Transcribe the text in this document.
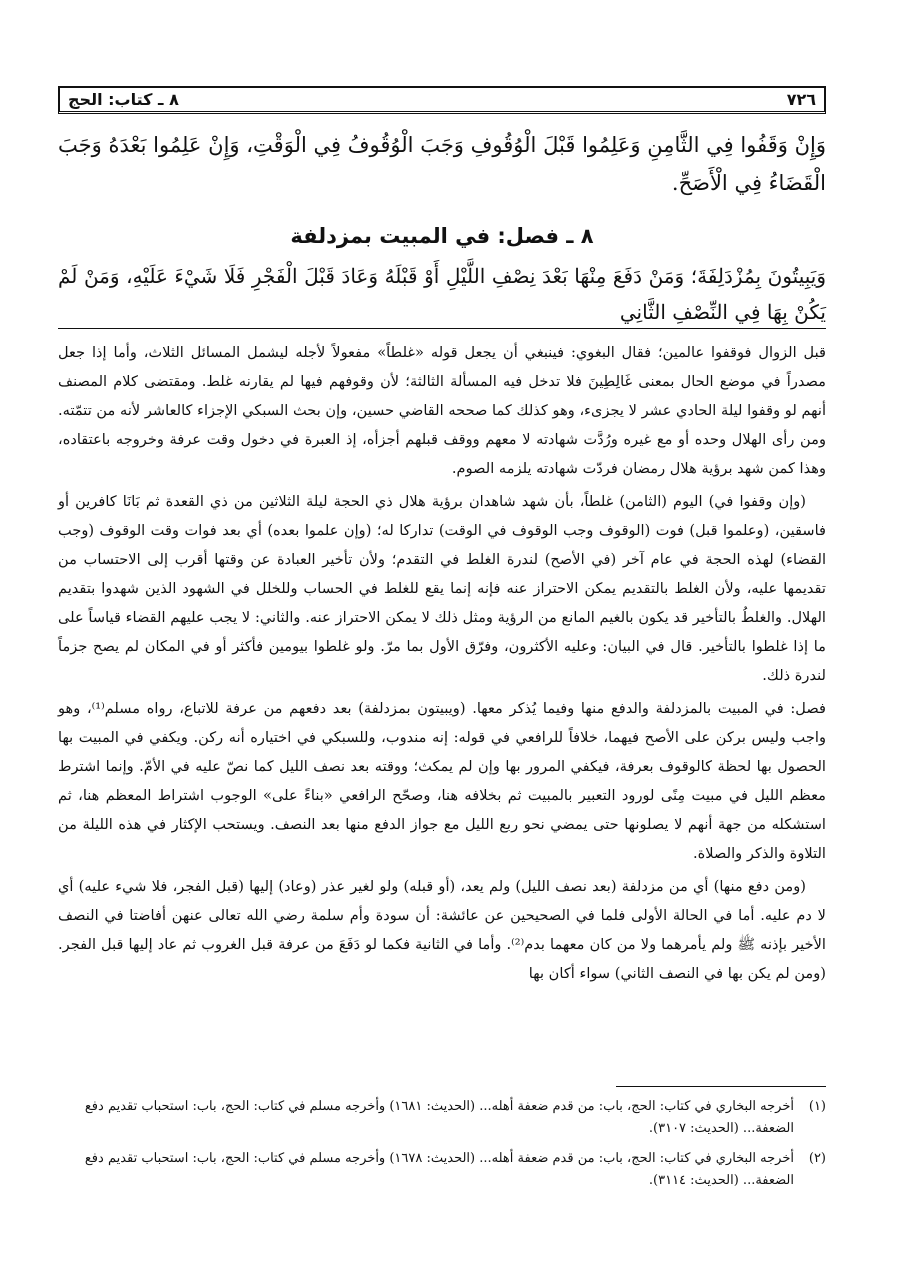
٧٢٦
٨ ـ كتاب: الحج
وَإِنْ وَقَفُوا فِي الثَّامِنِ وَعَلِمُوا قَبْلَ الْوُقُوفِ وَجَبَ الْوُقُوفُ فِي الْوَقْتِ، وَإِنْ عَلِمُوا بَعْدَهُ وَجَبَ الْقَضَاءُ فِي الْأَصَحِّ.
٨ ـ فصل: في المبيت بمزدلفة
وَيَبِيتُونَ بِمُزْدَلِفَةَ؛ وَمَنْ دَفَعَ مِنْهَا بَعْدَ نِصْفِ اللَّيْلِ أَوْ قَبْلَهُ وَعَادَ قَبْلَ الْفَجْرِ فَلَا شَيْءَ عَلَيْهِ، وَمَنْ لَمْ يَكُنْ بِهَا فِي النِّصْفِ الثَّانِي

قبل الزوال فوقفوا عالمين؛ فقال البغوي: فينبغي أن يجعل قوله «غلطاً» مفعولاً لأجله ليشمل المسائل الثلاث، وأما إذا جعل مصدراً في موضع الحال بمعنى غَالِطِينَ فلا تدخل فيه المسألة الثالثة؛ لأن وقوفهم فيها لم يقارنه غلط. ومقتضى كلام المصنف أنهم لو وقفوا ليلة الحادي عشر لا يجزىء، وهو كذلك كما صححه القاضي حسين، وإن بحث السبكي الإجزاء كالعاشر لأنه من تتمّته. ومن رأى الهلال وحده أو مع غيره ورُدَّت شهادته لا معهم ووقف قبلهم أجزأه، إذ العبرة في دخول وقت عرفة وخروجه باعتقاده، وهذا كمن شهد برؤية هلال رمضان فردّت شهادته يلزمه الصوم.

(وإن وقفوا في) اليوم (الثامن) غلطاً، بأن شهد شاهدان برؤية هلال ذي الحجة ليلة الثلاثين من ذي القعدة ثم بَانَا كافرين أو فاسقين، (وعلموا قبل) فوت (الوقوف وجب الوقوف في الوقت) تداركا له؛ (وإن علموا بعده) أي بعد فوات وقت الوقوف (وجب القضاء) لهذه الحجة في عام آخر (في الأصح) لندرة الغلط في التقدم؛ ولأن تأخير العبادة عن وقتها أقرب إلى الاحتساب من تقديمها عليه، ولأن الغلط بالتقديم يمكن الاحتراز عنه فإنه إنما يقع للغلط في الحساب وللخلل في الشهود الذين شهدوا بتقديم الهلال. والغلطُ بالتأخير قد يكون بالغيم المانع من الرؤية ومثل ذلك لا يمكن الاحتراز عنه. والثاني: لا يجب عليهم القضاء قياساً على ما إذا غلطوا بالتأخير. قال في البيان: وعليه الأكثرون، وفرّق الأول بما مرّ. ولو غلطوا بيومين فأكثر أو في المكان لم يصح جزماً لندرة ذلك.

فصل: في المبيت بالمزدلفة والدفع منها وفيما يُذكر معها. (ويبيتون بمزدلفة) بعد دفعهم من عرفة للاتباع، رواه مسلم⁽¹⁾، وهو واجب وليس بركن على الأصح فيهما، خلافاً للرافعي في قوله: إنه مندوب، وللسبكي في اختياره أنه ركن. ويكفي في المبيت بها الحصول بها لحظة كالوقوف بعرفة، فيكفي المرور بها وإن لم يمكث؛ ووقته بعد نصف الليل كما نصّ عليه في الأمّ. وإنما اشترط معظم الليل في مبيت مِنًى لورود التعبير بالمبيت ثم بخلافه هنا، وصحّح الرافعي «بناءً على» الوجوب اشتراط المعظم هنا، ثم استشكله من جهة أنهم لا يصلونها حتى يمضي نحو ربع الليل مع جواز الدفع منها بعد النصف. ويستحب الإكثار في هذه الليلة من التلاوة والذكر والصلاة.

(ومن دفع منها) أي من مزدلفة (بعد نصف الليل) ولم يعد، (أو قبله) ولو لغير عذر (وعاد) إليها (قبل الفجر، فلا شيء عليه) أي لا دم عليه. أما في الحالة الأولى فلما في الصحيحين عن عائشة: أن سودة وأم سلمة رضي الله تعالى عنهن أفاضتا في النصف الأخير بإذنه ﷺ ولم يأمرهما ولا من كان معهما بدم⁽²⁾. وأما في الثانية فكما لو دَفَعَ من عرفة قبل الغروب ثم عاد إليها قبل الفجر. (ومن لم يكن بها في النصف الثاني) سواء أكان بها

(١)
أخرجه البخاري في كتاب: الحج، باب: من قدم ضعفة أهله... (الحديث: ١٦٨١) وأخرجه مسلم في كتاب: الحج، باب: استحباب تقديم دفع الضعفة... (الحديث: ٣١٠٧).
(٢)
أخرجه البخاري في كتاب: الحج، باب: من قدم ضعفة أهله... (الحديث: ١٦٧٨) وأخرجه مسلم في كتاب: الحج، باب: استحباب تقديم دفع الضعفة... (الحديث: ٣١١٤).
